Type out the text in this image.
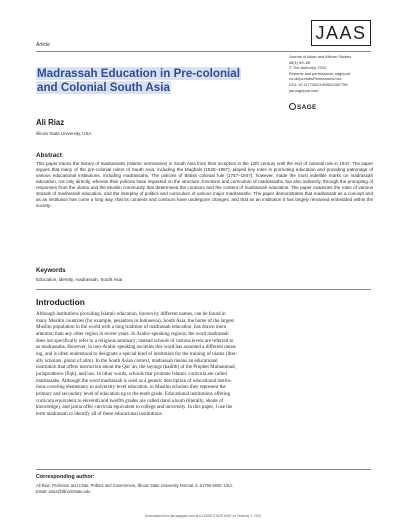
Article
JAAS
Journal of Asian and African Studies
46(1) 69–86
© The Author(s) 2010
Reprints and permissions: sagepub.
co.uk/journalsPermissions.nav
DOI: 10.1177/0021909610387758
jas.sagepub.com
SAGE
Madrassah Education in Pre-colonial
and Colonial South Asia
Ali Riaz
Illinois State University, USA
Abstract
This paper traces the history of madrassahs (Islamic seminaries) in South Asia from their inception in the 12th century until the end of colonial rule in 1947. The paper argues that many of the pre-colonial rulers of South Asia, including the Mughals (1526–1857), played key roles in promoting education and providing patronage of various educational institutions, including madrassahs. The policies of British colonial rule (1757–1947), however, made the most indelible marks on madrassah education, not only directly, wherein their policies have impacted on the structure, functions and curriculum of madrassahs, but also indirectly, through the prompting of responses from the ulama and the Muslim community that determined the contours and the content of madrassah education. The paper examines the roles of various strands of madrassah education, and the interplay of politics and curriculum of various major madrassahs. The paper demonstrates that madrassah as a concept and as an institution has come a long way, that its contents and contours have undergone changes, and that as an institution it has largely remained embedded within the society.
Keywords
Education, identity, madrassah, South Asia
Introduction
Although institutions providing Islamic education, known by different names, can be found in
many Muslim countries (for example, pesantren in Indonesia), South Asia, the home of the largest
Muslim population in the world with a long tradition of madrassah education, has drawn more
attention than any other region in recent years. In Arabic-speaking regions, the word madrassah
does not specifically refer to a religious seminary; instead schools of various levels are referred to
as madrassahs. However, in non-Arabic speaking societies this word has assumed a different mean-
ing, and is often understood to designate a special kind of institution for the training of ulama (liter-
ally scholars, plural of alim). In the South Asian context, madrassah means an educational
institution that offers instruction about the Qur’an, the sayings (hadith) of the Prophet Muhammad,
jurisprudence (fiqh), and law. In other words, schools that promote Islamic curricula are called
madrassahs. Although the word madrassah is used as a generic description of educational institu-
tions covering elementary to university-level education, to Muslim scholars they represent the
primary and secondary level of education up to the tenth grade. Educational institutions offering
curricula equivalent to eleventh and twelfth grades are called darul uloom (literally, abode of
knowledge), and jamia offer curricula equivalent to college and university. In this paper, I use the
term madrassah to identify all of these educational institutions.
Corresponding author:
Ali Riaz, Professor and Chair, Politics and Government, Illinois State University Normal, IL 61790-4600, USA.
Email: ariaz@IllinoisState.edu
Downloaded from jas.sagepub.com at ILLINOIS STATE UNIV on February 1, 2010
